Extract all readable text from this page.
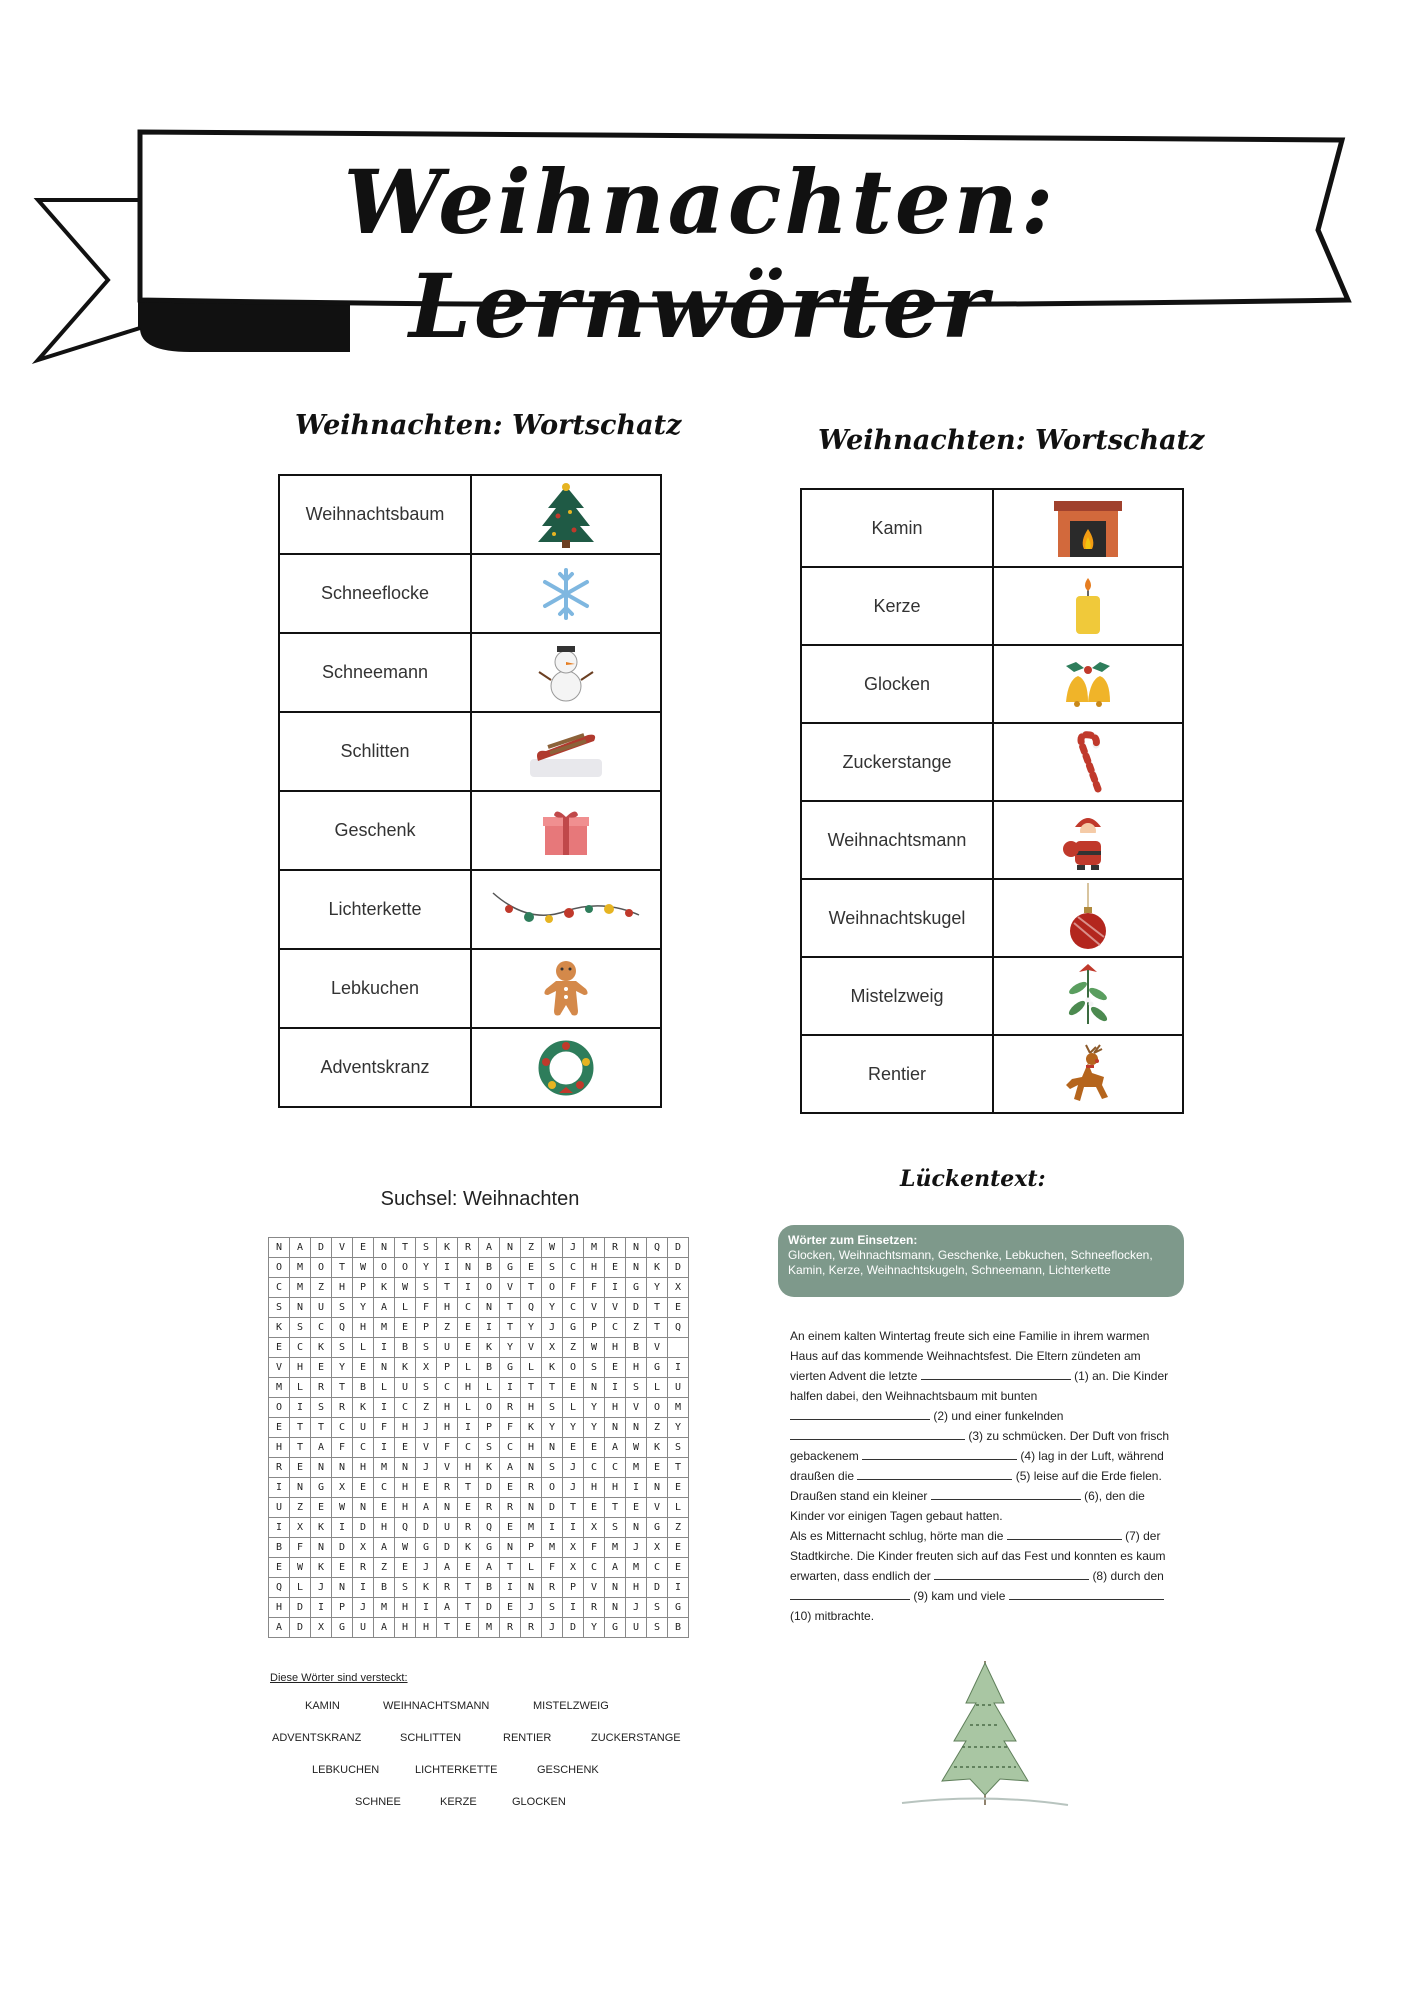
Weihnachten: Lernwörter
Weihnachten: Wortschatz
Weihnachtsbaum	

Schneeflocke	

Schneemann	

Schlitten	

Geschenk	

Lichterkette	

Lebkuchen	

Adventskranz	
Weihnachten: Wortschatz
Kamin	

Kerze	

Glocken	

Zuckerstange	

Weihnachtsmann	

Weihnachtskugel	

Mistelzweig	

Rentier	
Suchsel: Weihnachten
N	A	D	V	E	N	T	S	K	R	A	N	Z	W	J	M	R	N	Q	D
O	M	O	T	W	O	O	Y	I	N	B	G	E	S	C	H	E	N	K	D
C	M	Z	H	P	K	W	S	T	I	O	V	T	O	F	F	I	G	Y	X
S	N	U	S	Y	A	L	F	H	C	N	T	Q	Y	C	V	V	D	T	E
K	S	C	Q	H	M	E	P	Z	E	I	T	Y	J	G	P	C	Z	T	Q
E	C	K	S	L	I	B	S	U	E	K	Y	V	X	Z	W	H	B	V	
V	H	E	Y	E	N	K	X	P	L	B	G	L	K	O	S	E	H	G	I
M	L	R	T	B	L	U	S	C	H	L	I	T	T	E	N	I	S	L	U
O	I	S	R	K	I	C	Z	H	L	O	R	H	S	L	Y	H	V	O	M
E	T	T	C	U	F	H	J	H	I	P	F	K	Y	Y	Y	N	N	Z	Y
H	T	A	F	C	I	E	V	F	C	S	C	H	N	E	E	A	W	K	S
R	E	N	N	H	M	N	J	V	H	K	A	N	S	J	C	C	M	E	T
I	N	G	X	E	C	H	E	R	T	D	E	R	O	J	H	H	I	N	E
U	Z	E	W	N	E	H	A	N	E	R	R	N	D	T	E	T	E	V	L
I	X	K	I	D	H	Q	D	U	R	Q	E	M	I	I	X	S	N	G	Z
B	F	N	D	X	A	W	G	D	K	G	N	P	M	X	F	M	J	X	E
E	W	K	E	R	Z	E	J	A	E	A	T	L	F	X	C	A	M	C	E
Q	L	J	N	I	B	S	K	R	T	B	I	N	R	P	V	N	H	D	I
H	D	I	P	J	M	H	I	A	T	D	E	J	S	I	R	N	J	S	G
A	D	X	G	U	A	H	H	T	E	M	R	R	J	D	Y	G	U	S	B
Diese Wörter sind versteckt:
KAMIN	WEIHNACHTSMANN	MISTELZWEIG
ADVENTSKRANZ	SCHLITTEN	RENTIER	ZUCKERSTANGE
LEBKUCHEN	LICHTERKETTE	GESCHENK
SCHNEE	KERZE	GLOCKEN
Lückentext:
Wörter zum Einsetzen:
Glocken, Weihnachtsmann, Geschenke, Lebkuchen, Schneeflocken, Kamin, Kerze, Weihnachtskugeln, Schneemann, Lichterkette

An einem kalten Wintertag freute sich eine Familie in ihrem warmen

Haus auf das kommende Weihnachtsfest. Die Eltern zündeten am

vierten Advent die letzte	(1) an. Die Kinder

halfen dabei, den Weihnachtsbaum mit bunten

(2) und einer funkelnden

(3) zu schmücken. Der Duft von frisch

gebackenem	(4) lag in der Luft, während

draußen die	(5) leise auf die Erde fielen.

Draußen stand ein kleiner	(6), den die

Kinder vor einigen Tagen gebaut hatten.

Als es Mitternacht schlug, hörte man die	(7) der

Stadtkirche. Die Kinder freuten sich auf das Fest und konnten es kaum

erwarten, dass endlich der	(8) durch den

(9) kam und viele

(10) mitbrachte.
